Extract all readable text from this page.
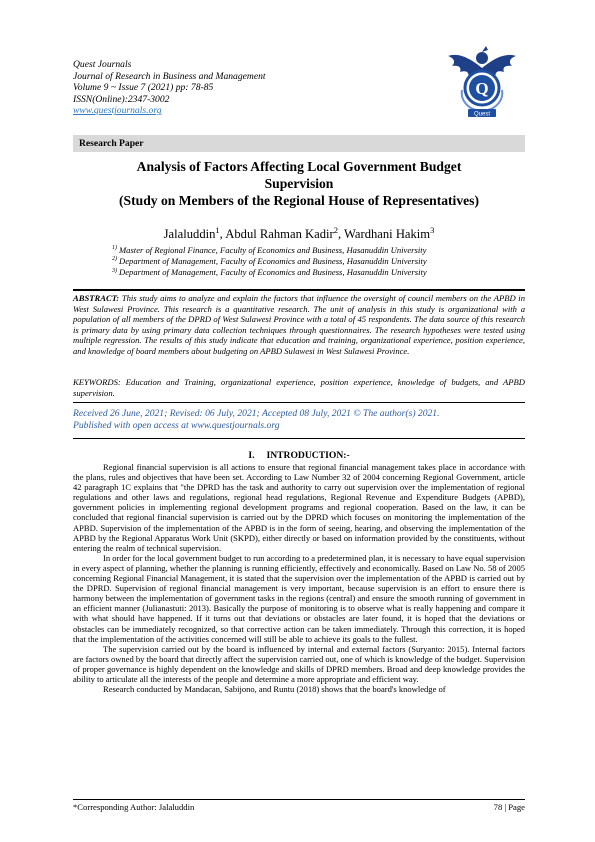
Quest Journals
Journal of Research in Business and Management
Volume 9 ~ Issue 7 (2021) pp: 78-85
ISSN(Online):2347-3002
www.questjournals.org
Q
Quest
Research Paper
Analysis of Factors Affecting Local Government Budget
Supervision
(Study on Members of the Regional House of Representatives)
Jalaluddin$^1$, Abdul Rahman Kadir$^2$, Wardhani Hakim$^3$
$^{1)}$ Master of Regional Finance, Faculty of Economics and Business, Hasanuddin University
$^{2)}$ Department of Management, Faculty of Economics and Business, Hasanuddin University
$^{3)}$ Department of Management, Faculty of Economics and Business, Hasanuddin University
ABSTRACT: This study aims to analyze and explain the factors that influence the oversight of council members on the APBD in West Sulawesi Province. This research is a quantitative research. The unit of analysis in this study is organizational with a population of all members of the DPRD of West Sulawesi Province with a total of 45 respondents. The data source of this research is primary data by using primary data collection techniques through questionnaires. The research hypotheses were tested using multiple regression. The results of this study indicate that education and training, organizational experience, position experience, and knowledge of board members about budgeting on APBD Sulawesi in West Sulawesi Province.
KEYWORDS: Education and Training, organizational experience, position experience, knowledge of budgets, and APBD supervision.
Received 26 June, 2021; Revised: 06 July, 2021; Accepted 08 July, 2021 © The author(s) 2021.
Published with open access at www.questjournals.org
I. INTRODUCTION:-

Regional financial supervision is all actions to ensure that regional financial management takes place in accordance with the plans, rules and objectives that have been set. According to Law Number 32 of 2004 concerning Regional Government, article 42 paragraph 1C explains that "the DPRD has the task and authority to carry out supervision over the implementation of regional regulations and other laws and regulations, regional head regulations, Regional Revenue and Expenditure Budgets (APBD), government policies in implementing regional development programs and regional cooperation. Based on the law, it can be concluded that regional financial supervision is carried out by the DPRD which focuses on monitoring the implementation of the APBD. Supervision of the implementation of the APBD is in the form of seeing, hearing, and observing the implementation of the APBD by the Regional Apparatus Work Unit (SKPD), either directly or based on information provided by the constituents, without entering the realm of technical supervision.

In order for the local government budget to run according to a predetermined plan, it is necessary to have equal supervision in every aspect of planning, whether the planning is running efficiently, effectively and economically. Based on Law No. 58 of 2005 concerning Regional Financial Management, it is stated that the supervision over the implementation of the APBD is carried out by the DPRD. Supervision of regional financial management is very important, because supervision is an effort to ensure there is harmony between the implementation of government tasks in the regions (central) and ensure the smooth running of government in an efficient manner (Julianastuti: 2013). Basically the purpose of monitoring is to observe what is really happening and compare it with what should have happened. If it turns out that deviations or obstacles are later found, it is hoped that the deviations or obstacles can be immediately recognized, so that corrective action can be taken immediately. Through this correction, it is hoped that the implementation of the activities concerned will still be able to achieve its goals to the fullest.

The supervision carried out by the board is influenced by internal and external factors (Suryanto: 2015). Internal factors are factors owned by the board that directly affect the supervision carried out, one of which is knowledge of the budget. Supervision of proper governance is highly dependent on the knowledge and skills of DPRD members. Broad and deep knowledge provides the ability to articulate all the interests of the people and determine a more appropriate and efficient way.

Research conducted by Mandacan, Sabijono, and Runtu (2018) shows that the board's knowledge of

*Corresponding Author: Jalaluddin	78 | Page
